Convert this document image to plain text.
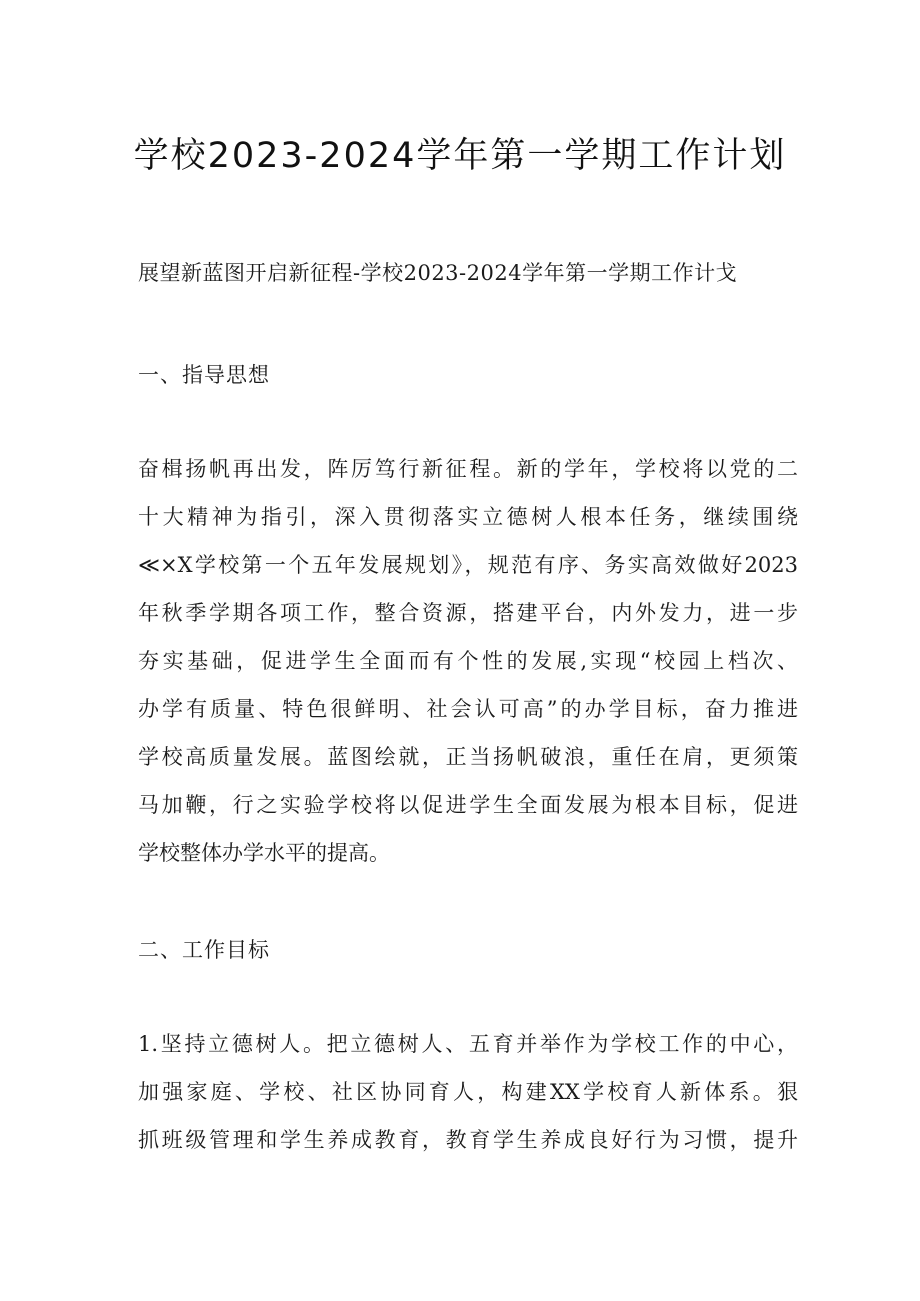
学校2023-2024学年第一学期工作计划
展望新蓝图开启新征程-学校2023-2024学年第一学期工作计戈
一、指导思想
奋楫扬帆再出发，阵厉笃行新征程。新的学年，学校将以党的二
十大精神为指引，深入贯彻落实立德树人根本任务，继续围绕
≪×X学校第一个五年发展规划》，规范有序、务实高效做好2023
年秋季学期各项工作，整合资源，搭建平台，内外发力，进一步
夯实基础，促进学生全面而有个性的发展,实现“校园上档次、
办学有质量、特色很鲜明、社会认可高”的办学目标，奋力推进
学校高质量发展。蓝图绘就，正当扬帆破浪，重任在肩，更须策
马加鞭，行之实验学校将以促进学生全面发展为根本目标，促进
学校整体办学水平的提高。
二、工作目标
1.坚持立德树人。把立德树人、五育并举作为学校工作的中心，
加强家庭、学校、社区协同育人，构建XX学校育人新体系。狠
抓班级管理和学生养成教育，教育学生养成良好行为习惯，提升
